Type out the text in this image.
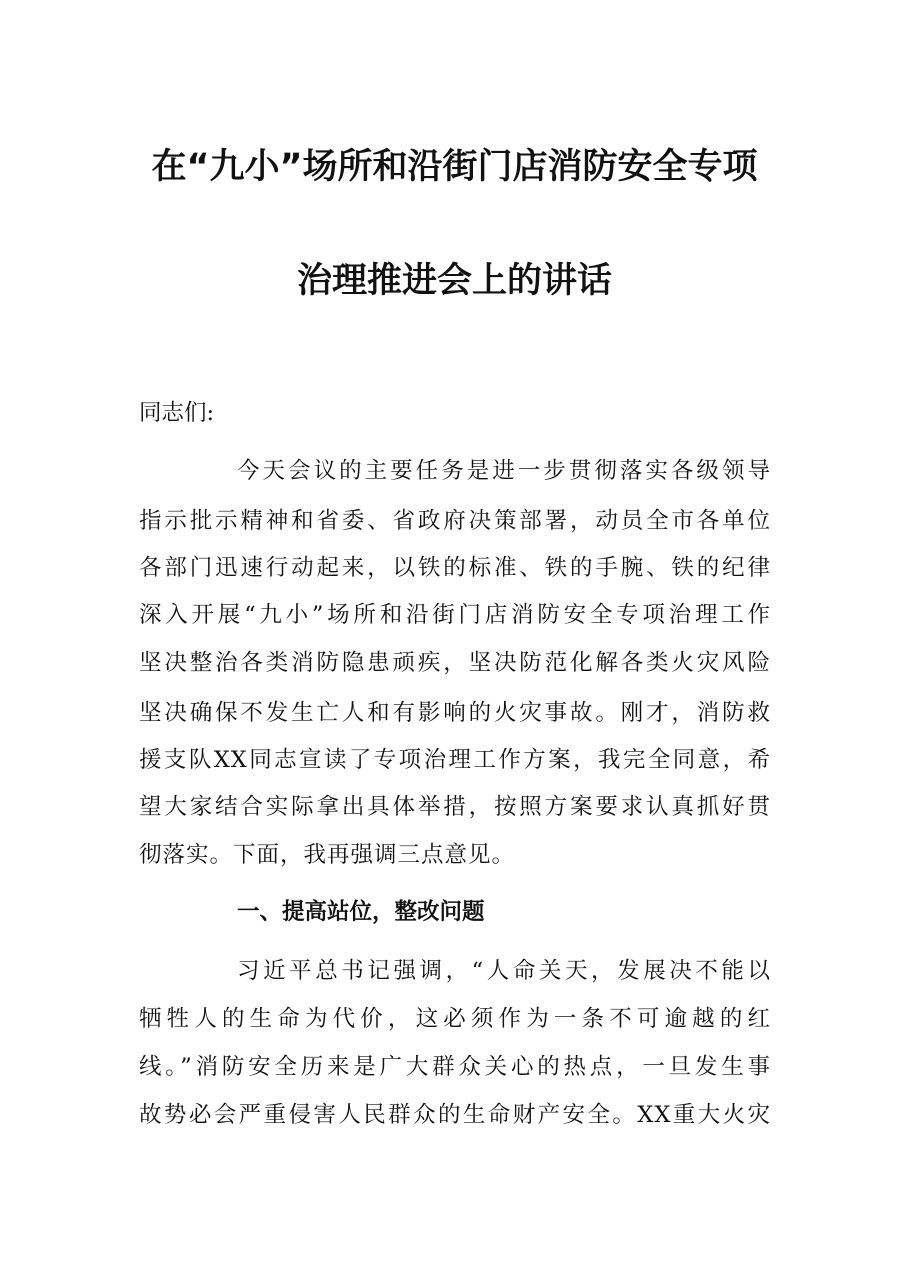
在“九小”场所和沿街门店消防安全专项
治理推进会上的讲话
同志们:
今天会议的主要任务是进一步贯彻落实各级领导
指示批示精神和省委、省政府决策部署，动员全市各单位
各部门迅速行动起来，以铁的标准、铁的手腕、铁的纪律
深入开展“九小”场所和沿街门店消防安全专项治理工作
坚决整治各类消防隐患顽疾，坚决防范化解各类火灾风险
坚决确保不发生亡人和有影响的火灾事故。刚才，消防救
援支队XX同志宣读了专项治理工作方案，我完全同意，希
望大家结合实际拿出具体举措，按照方案要求认真抓好贯
彻落实。下面，我再强调三点意见。
一、提高站位，整改问题
习近平总书记强调，“人命关天，发展决不能以
牺牲人的生命为代价，这必须作为一条不可逾越的红
线。”消防安全历来是广大群众关心的热点，一旦发生事
故势必会严重侵害人民群众的生命财产安全。XX重大火灾
